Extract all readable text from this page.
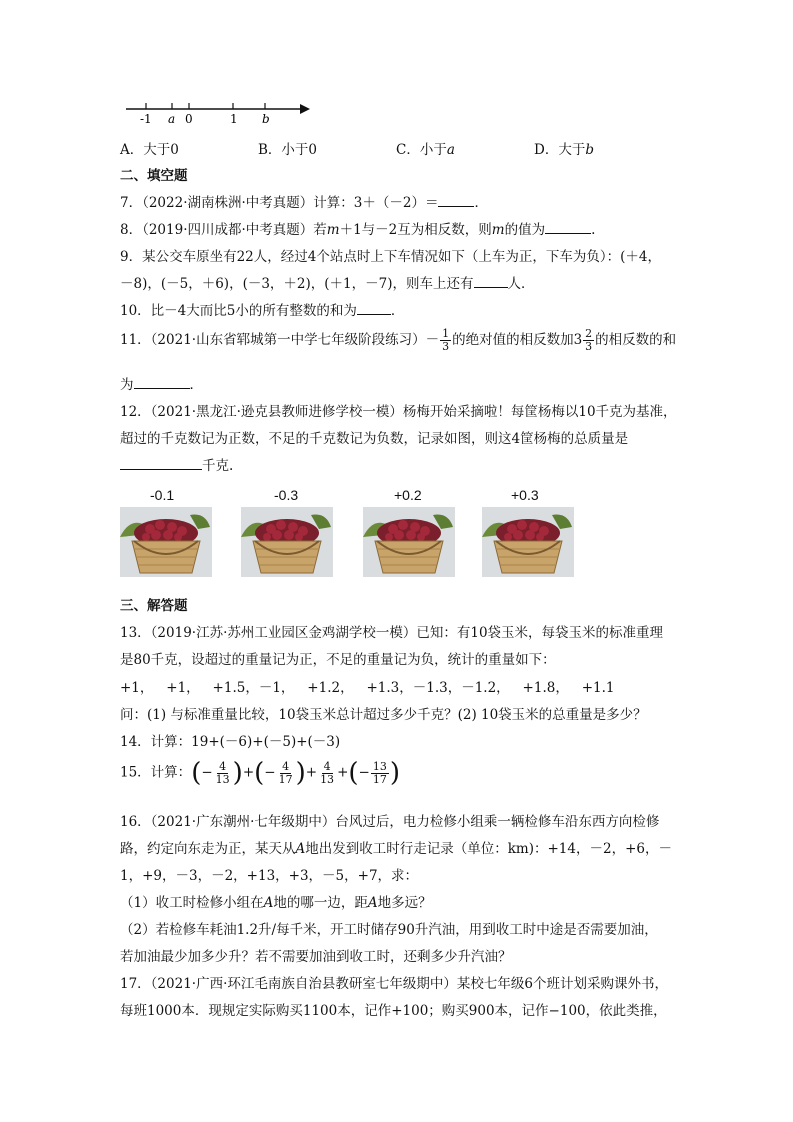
-1 a 0	1 b
A．大于0	B．小于0	C．小于a	D．大于b
二、填空题
7．（2022·湖南株洲·中考真题）计算：3＋（－2）＝	．
8．（2019·四川成都·中考真题）若m＋1与－2互为相反数，则m的值为	.
9．某公交车原坐有22人，经过4个站点时上下车情况如下（上车为正，下车为负）：(＋4，
－8)，(－5，＋6)，(－3，＋2)，(＋1，－7)，则车上还有	人．
10．比－4大而比5小的所有整数的和为	．
11．（2021·山东省郓城第一中学七年级阶段练习）－ $\frac{1}{3}$ 的绝对值的相反数加$3 \frac{2}{3}$ 的相反数的和
为	．
12．（2021·黑龙江·逊克县教师进修学校一模）杨梅开始采摘啦！每筐杨梅以10千克为基准，
超过的千克数记为正数，不足的千克数记为负数，记录如图，则这4筐杨梅的总质量是
千克.
-0.1	-0.3	+0.2	+0.3
三、解答题
13．（2019·江苏·苏州工业园区金鸡湖学校一模）已知：有10袋玉米，每袋玉米的标准重理
是80千克，设超过的重量记为正，不足的重量记为负，统计的重量如下：
+1，   +1，   +1.5，－1，   +1.2，   +1.3，－1.3，－1.2，   +1.8，   +1.1
问：(1) 与标准重量比较，10袋玉米总计超过多少千克？(2) 10袋玉米的总重量是多少？
14．计算：19+(－6)+(－5)+(－3)
15．计算：(− $\frac{4}{13}$ )+(− $\frac{4}{17}$ )+ $\frac{4}{13}$ +(− $\frac{13}{17}$ )
16．（2021·广东潮州·七年级期中）台风过后，电力检修小组乘一辆检修车沿东西方向检修
路，约定向东走为正，某天从A地出发到收工时行走记录（单位：km)：+14，－2，+6，－
1，+9，－3，－2，+13，+3，－5，+7，求：
（1）收工时检修小组在A地的哪一边，距A地多远？
（2）若检修车耗油1.2升/每千米，开工时储存90升汽油，用到收工时中途是否需要加油，
若加油最少加多少升？若不需要加油到收工时，还剩多少升汽油？
17．（2021·广西·环江毛南族自治县教研室七年级期中）某校七年级6个班计划采购课外书，
每班1000本．现规定实际购买1100本，记作+100；购买900本，记作−100，依此类推，
